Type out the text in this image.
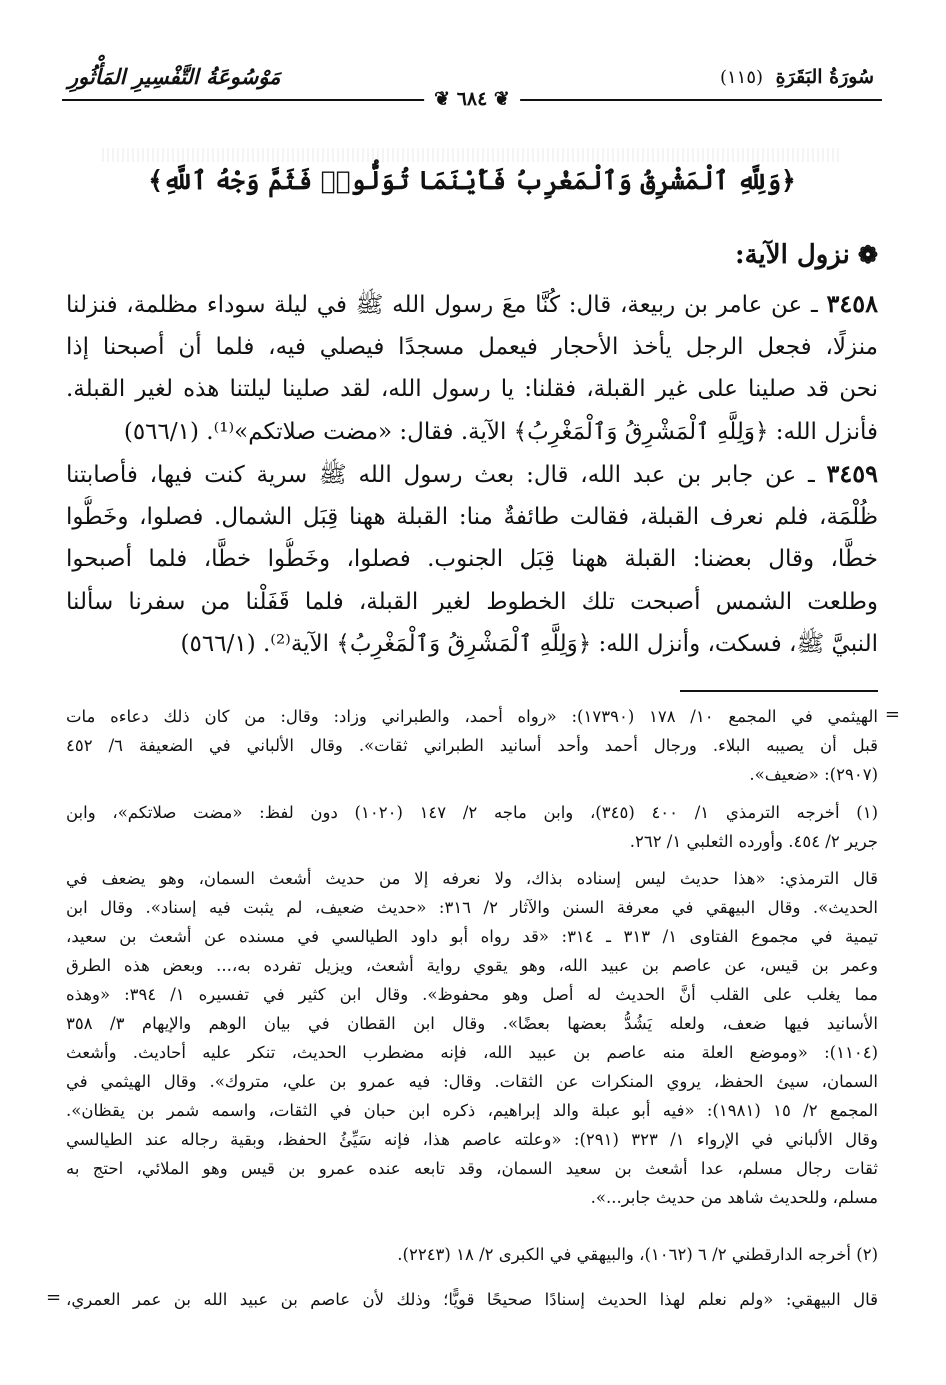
سُورَةُ البَقَرَةِ (١١٥)
مَوْسُوعَةُ التَّفْسِيرِ المَأْثُورِ
❦ ٦٨٤ ❦
﴿وَلِلَّهِ ٱلْمَشْرِقُ وَٱلْمَغْرِبُ فَأَيْنَمَا تُوَلُّوا۟ فَثَمَّ وَجْهُ ٱللَّهِ﴾
❁نزول الآية:
٣٤٥٨ ـ عن عامر بن ربيعة، قال: كُنَّا معَ رسول الله ﷺ في ليلة سوداء مظلمة، فنزلنا
منزلًا، فجعل الرجل يأخذ الأحجار فيعمل مسجدًا فيصلي فيه، فلما أن أصبحنا إذا
نحن قد صلينا على غير القبلة، فقلنا: يا رسول الله، لقد صلينا ليلتنا هذه لغير القبلة.
فأنزل الله: ﴿وَلِلَّهِ ٱلْمَشْرِقُ وَٱلْمَغْرِبُ﴾ الآية. فقال: «مضت صلاتكم»⁽¹⁾. (٥٦٦/١)
٣٤٥٩ ـ عن جابر بن عبد الله، قال: بعث رسول الله ﷺ سرية كنت فيها، فأصابتنا
ظُلْمَة، فلم نعرف القبلة، فقالت طائفةٌ منا: القبلة ههنا قِبَل الشمال. فصلوا، وخَطُّوا
خطًّا، وقال بعضنا: القبلة ههنا قِبَل الجنوب. فصلوا، وخَطُّوا خطًّا، فلما أصبحوا
وطلعت الشمس أصبحت تلك الخطوط لغير القبلة، فلما قَفَلْنا من سفرنا سألنا
النبيَّ ﷺ، فسكت، وأنزل الله: ﴿وَلِلَّهِ ٱلْمَشْرِقُ وَٱلْمَغْرِبُ﴾ الآية⁽²⁾. (٥٦٦/١)
=
الهيثمي في المجمع ١٠/ ١٧٨ (١٧٣٩٠): «رواه أحمد، والطبراني وزاد: وقال: من كان ذلك دعاءه مات
قبل أن يصيبه البلاء. ورجال أحمد وأحد أسانيد الطبراني ثقات». وقال الألباني في الضعيفة ٦/ ٤٥٢
(٢٩٠٧): «ضعيف».
(١) أخرجه الترمذي ١/ ٤٠٠ (٣٤٥)، وابن ماجه ٢/ ١٤٧ (١٠٢٠) دون لفظ: «مضت صلاتكم»، وابن
جرير ٢/ ٤٥٤. وأورده الثعلبي ١/ ٢٦٢.
قال الترمذي: «هذا حديث ليس إسناده بذاك، ولا نعرفه إلا من حديث أشعث السمان، وهو يضعف في
الحديث». وقال البيهقي في معرفة السنن والآثار ٢/ ٣١٦: «حديث ضعيف، لم يثبت فيه إسناد». وقال ابن
تيمية في مجموع الفتاوى ١/ ٣١٣ ـ ٣١٤: «قد رواه أبو داود الطيالسي في مسنده عن أشعث بن سعيد،
وعمر بن قيس، عن عاصم بن عبيد الله، وهو يقوي رواية أشعث، ويزيل تفرده به،... وبعض هذه الطرق
مما يغلب على القلب أنَّ الحديث له أصل وهو محفوظ». وقال ابن كثير في تفسيره ١/ ٣٩٤: «وهذه
الأسانيد فيها ضعف، ولعله يَشُدُّ بعضها بعضًا». وقال ابن القطان في بيان الوهم والإيهام ٣/ ٣٥٨
(١١٠٤): «وموضع العلة منه عاصم بن عبيد الله، فإنه مضطرب الحديث، تنكر عليه أحاديث. وأشعث
السمان، سيئ الحفظ، يروي المنكرات عن الثقات. وقال: فيه عمرو بن علي، متروك». وقال الهيثمي في
المجمع ٢/ ١٥ (١٩٨١): «فيه أبو عبلة والد إبراهيم، ذكره ابن حبان في الثقات، واسمه شمر بن يقظان».
وقال الألباني في الإرواء ١/ ٣٢٣ (٢٩١): «وعلته عاصم هذا، فإنه سَيِّئُ الحفظ، وبقية رجاله عند الطيالسي
ثقات رجال مسلم، عدا أشعث بن سعيد السمان، وقد تابعه عنده عمرو بن قيس وهو الملائي، احتج به
مسلم، وللحديث شاهد من حديث جابر...».
(٢) أخرجه الدارقطني ٢/ ٦ (١٠٦٢)، والبيهقي في الكبرى ٢/ ١٨ (٢٢٤٣).
قال البيهقي: «ولم نعلم لهذا الحديث إسنادًا صحيحًا قويًّا؛ وذلك لأن عاصم بن عبيد الله بن عمر العمري،
=
